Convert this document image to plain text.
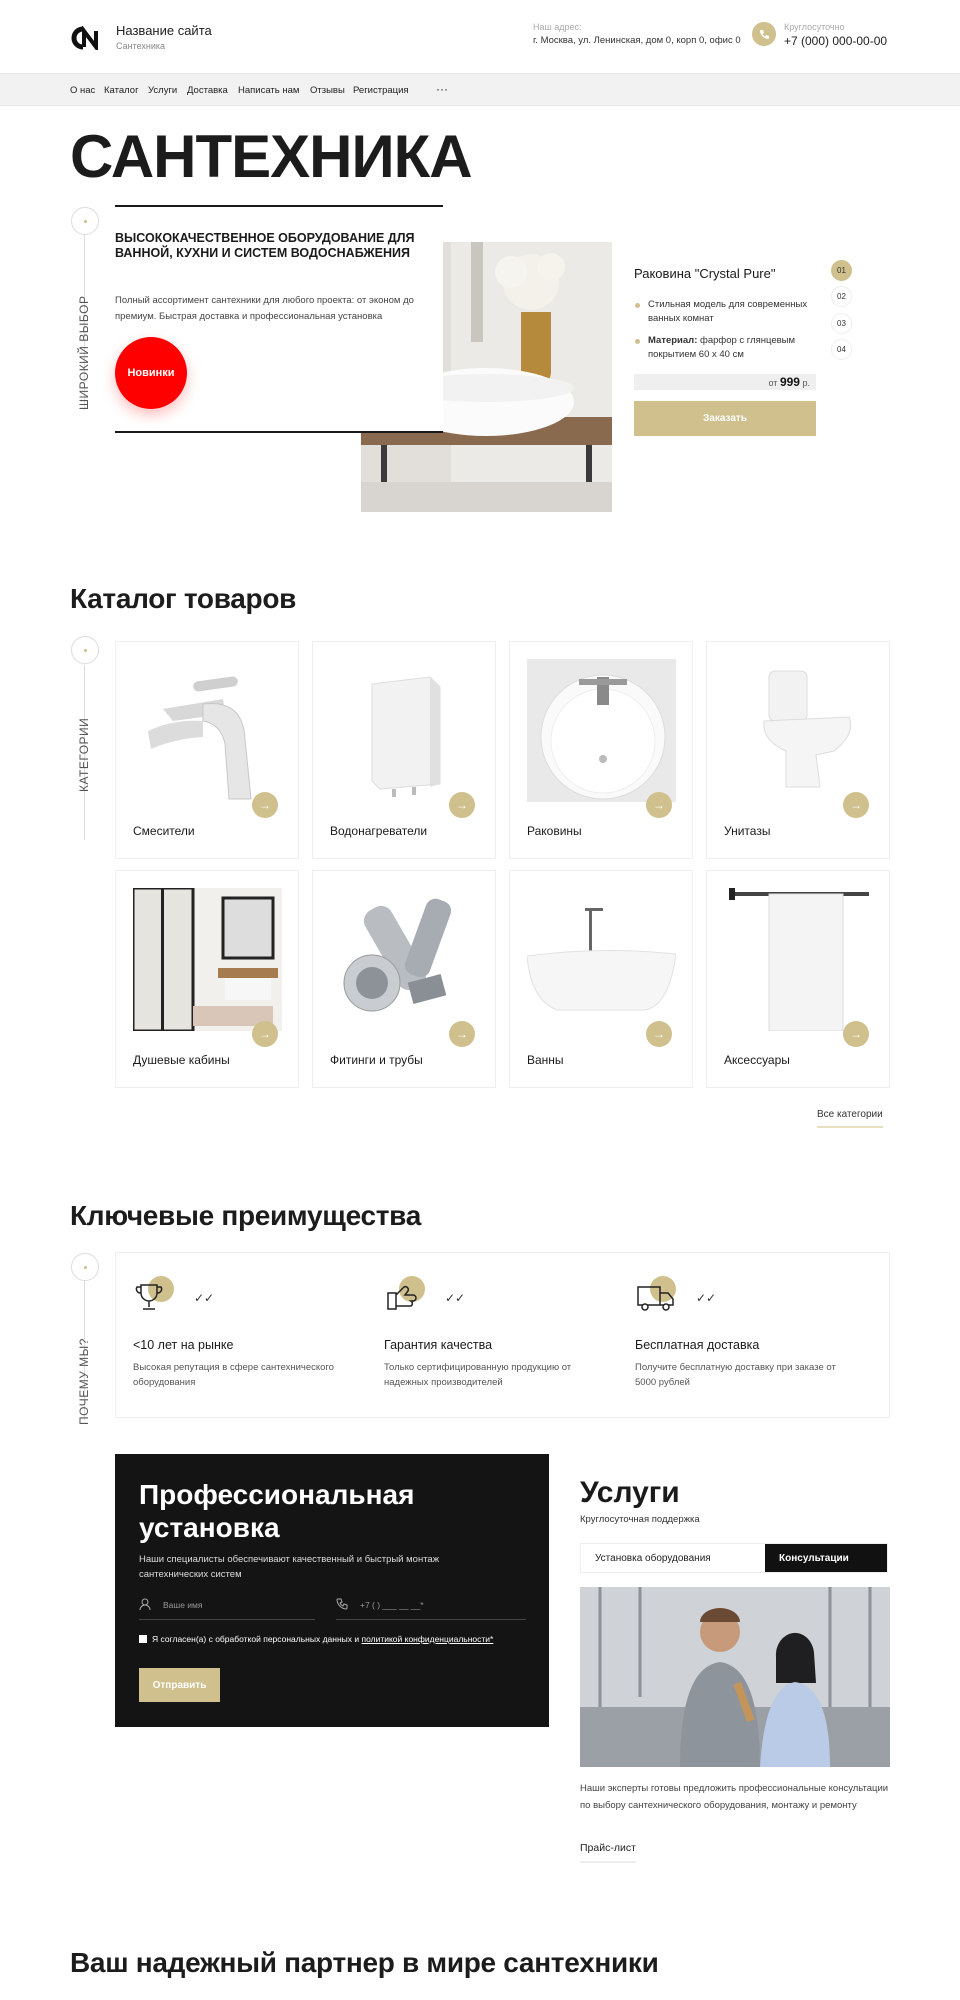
Название сайта
Сантехника
Наш адрес:
г. Москва, ул. Ленинская, дом 0, корп 0, офис 0
Круглосуточно
+7 (000) 000-00-00
О нас Каталог Услуги Доставка Написать нам Отзывы Регистрация ···
САНТЕХНИКА
ШИРОКИЙ ВЫБОР
ВЫСОКОКАЧЕСТВЕННОЕ ОБОРУДОВАНИЕ ДЛЯ ВАННОЙ, КУХНИ И СИСТЕМ ВОДОСНАБЖЕНИЯ

Полный ассортимент сантехники для любого проекта: от эконом до премиум. Быстрая доставка и профессиональная установка

Новинки
Раковина "Crystal Pure"
Стильная модель для современных ванных комнат
Материал: фарфор с глянцевым покрытием 60 х 40 см
от 999 р.
Заказать
01
02
03
04
Каталог товаров
КАТЕГОРИИ
→
Смесители
→
Водонагреватели
→
Раковины
→
Унитазы
→
Душевые кабины
→
Фитинги и трубы
→
Ванны
→
Аксессуары
Все категории
Ключевые преимущества
ПОЧЕМУ МЫ?
✓✓
<10 лет на рынке
Высокая репутация в сфере сантехнического оборудования
✓✓
Гарантия качества
Только сертифицированную продукцию от надежных производителей
✓✓
Бесплатная доставка
Получите бесплатную доставку при заказе от 5000 рублей
Профессиональная установка
Наши специалисты обеспечивают качественный и быстрый монтаж сантехнических систем
Ваше имя	+7 ( ) ___ __ __*
Я согласен(а) с обработкой персональных данных и политикой конфиденциальности*
Отправить
Услуги
Круглосуточная поддержка
Установка оборудования	Консультации
Наши эксперты готовы предложить профессиональные консультации по выбору сантехнического оборудования, монтажу и ремонту
Прайс-лист
Ваш надежный партнер в мире сантехники
